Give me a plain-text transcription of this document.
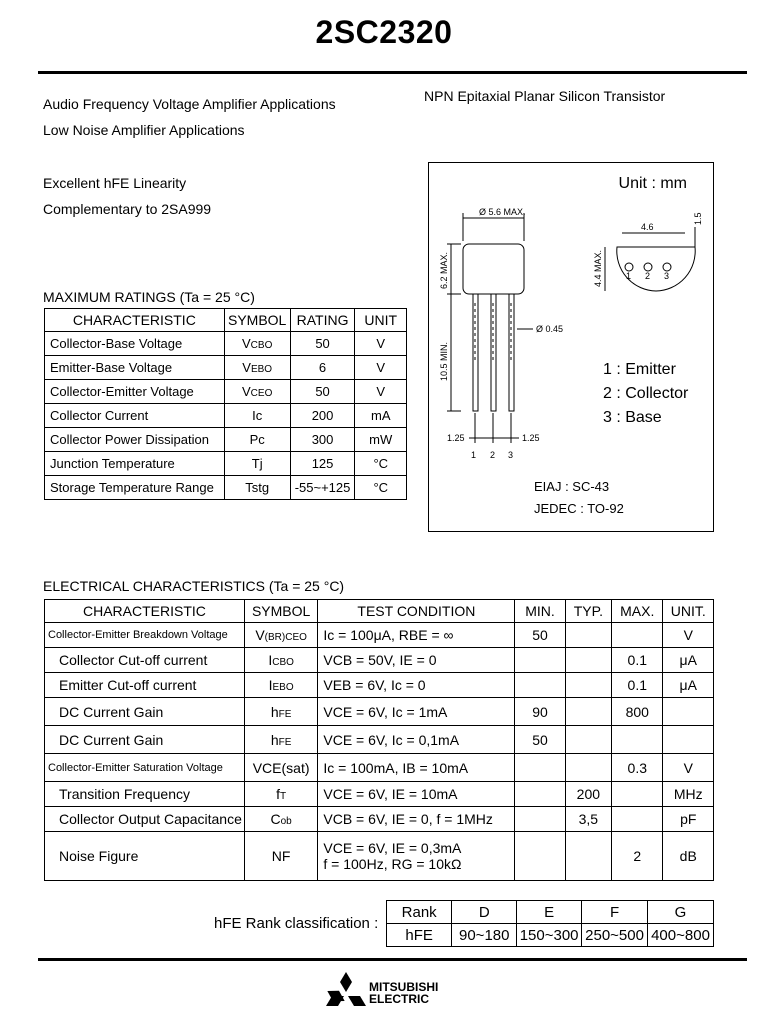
2SC2320
Audio Frequency Voltage Amplifier Applications
Low Noise Amplifier Applications
NPN Epitaxial Planar Silicon Transistor
Excellent hFE Linearity
Complementary to 2SA999
MAXIMUM RATINGS (Ta = 25 °C)
CHARACTERISTIC	SYMBOL	RATING	UNIT
Collector-Base Voltage	VCBO	50	V
Emitter-Base Voltage	VEBO	6	V
Collector-Emitter Voltage	VCEO	50	V
Collector Current	Ic	200	mA
Collector Power Dissipation	Pc	300	mW
Junction Temperature	Tj	125	°C
Storage Temperature Range	Tstg	-55~+125	°C
Unit : mm
Ø 5.6 MAX.
6.2 MAX.
10.5 MIN.
Ø 0.45
1.25	1.25
1 2 3
4.6
4.4 MAX.
1.5
1 2 3
1 : Emitter
2 : Collector
3 : Base
EIAJ : SC-43
JEDEC : TO-92
ELECTRICAL CHARACTERISTICS (Ta = 25 °C)
CHARACTERISTIC	SYMBOL	TEST CONDITION	MIN.	TYP.	MAX.	UNIT.
Collector-Emitter Breakdown Voltage	V(BR)CEO	Ic = 100μA, RBE = ∞	50			V
Collector Cut-off current	ICBO	VCB = 50V, IE = 0			0.1	μA
Emitter Cut-off current	IEBO	VEB = 6V, Ic = 0			0.1	μA
DC Current Gain	hFE	VCE = 6V, Ic = 1mA	90		800	
DC Current Gain	hFE	VCE = 6V, Ic = 0,1mA	50			
Collector-Emitter Saturation Voltage	VCE(sat)	Ic = 100mA, IB = 10mA			0.3	V
Transition Frequency	fT	VCE = 6V, IE = 10mA		200		MHz
Collector Output Capacitance	Cob	VCB = 6V, IE = 0, f = 1MHz		3,5		pF
Noise Figure	NF	VCE = 6V, IE = 0,3mA
f = 100Hz, RG = 10kΩ			2	dB
hFE Rank classification :
Rank	D	E	F	G
hFE	90~180	150~300	250~500	400~800
MITSUBISHI
ELECTRIC
